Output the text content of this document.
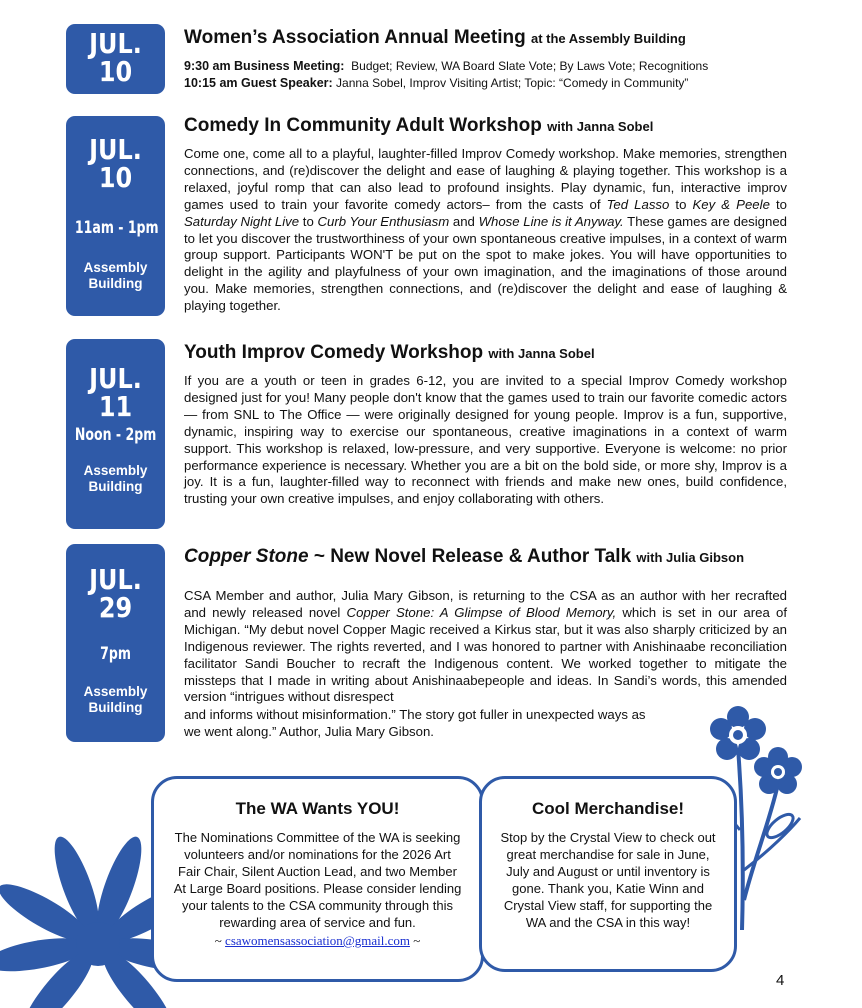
JUL.
10
Women’s Association Annual Meeting at the Assembly Building
9:30 am Business Meeting: Budget; Review, WA Board Slate Vote; By Laws Vote; Recognitions
10:15 am Guest Speaker: Janna Sobel, Improv Visiting Artist; Topic: “Comedy in Community”
JUL.
10
11am - 1pm
Assembly
Building
Comedy In Community Adult Workshop with Janna Sobel
Come one, come all to a playful, laughter-filled Improv Comedy workshop. Make memories, strengthen connections, and (re)discover the delight and ease of laughing & playing together. This workshop is a relaxed, joyful romp that can also lead to profound insights. Play dynamic, fun, interactive improv games used to train your favorite comedy actors– from the casts of Ted Lasso to Key & Peele to Saturday Night Live to Curb Your Enthusiasm and Whose Line is it Anyway. These games are designed to let you discover the trustworthiness of your own spontaneous creative impulses, in a context of warm group support. Participants WON'T be put on the spot to make jokes. You will have opportunities to delight in the agility and playfulness of your own imagination, and the imaginations of those around you. Make memories, strengthen connections, and (re)discover the delight and ease of laughing & playing together.
JUL.
11
Noon - 2pm
Assembly
Building
Youth Improv Comedy Workshop with Janna Sobel
If you are a youth or teen in grades 6-12, you are invited to a special Improv Comedy workshop designed just for you! Many people don't know that the games used to train our favorite comedic actors — from SNL to The Office — were originally designed for young people. Improv is a fun, supportive, dynamic, inspiring way to exercise our spontaneous, creative imaginations in a context of warm support. This workshop is relaxed, low-pressure, and very supportive. Everyone is welcome: no prior performance experience is necessary. Whether you are a bit on the bold side, or more shy, Improv is a joy. It is a fun, laughter-filled way to reconnect with friends and make new ones, build confidence, trusting your own creative impulses, and enjoy collaborating with others.
JUL.
29
7pm
Assembly
Building
Copper Stone ~ New Novel Release & Author Talk with Julia Gibson
CSA Member and author, Julia Mary Gibson, is returning to the CSA as an author with her recrafted and newly released novel Copper Stone: A Glimpse of Blood Memory, which is set in our area of Michigan. “My debut novel Copper Magic received a Kirkus star, but it was also sharply criticized by an Indigenous reviewer. The rights reverted, and I was honored to partner with Anishinaabe reconciliation facilitator Sandi Boucher to recraft the Indigenous content. We worked together to mitigate the missteps that I made in writing about Anishinaabepeople and ideas. In Sandi’s words, this amended version “intrigues without disrespect
and informs without misinformation.” The story got fuller in unexpected ways as
we went along.” Author, Julia Mary Gibson.
The WA Wants YOU!

The Nominations Committee of the WA is seeking volunteers and/or nominations for the 2026 Art Fair Chair, Silent Auction Lead, and two Member At Large Board positions. Please consider lending your talents to the CSA community through this rewarding area of service and fun.

~ csawomensassociation@gmail.com ~
Cool Merchandise!

Stop by the Crystal View to check out great merchandise for sale in June, July and August or until inventory is gone. Thank you, Katie Winn and Crystal View staff, for supporting the WA and the CSA in this way!

4
